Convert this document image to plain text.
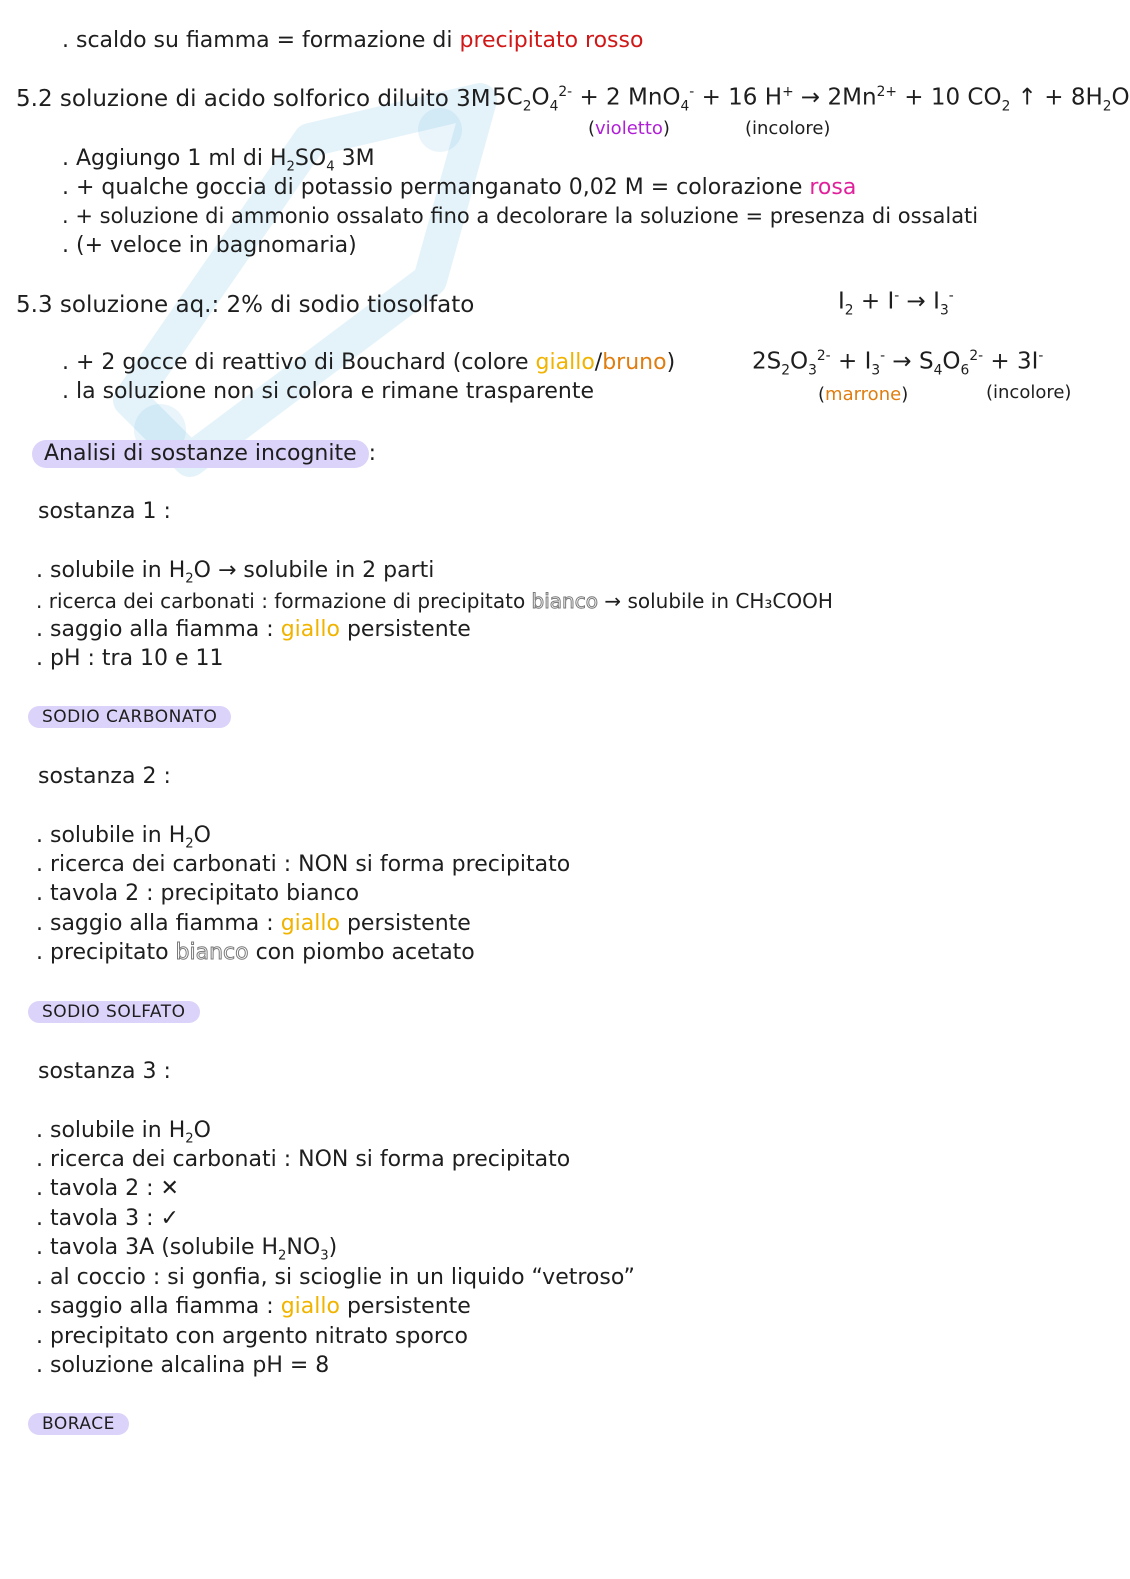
. scaldo su fiamma = formazione di precipitato rosso
5.2 soluzione di acido solforico diluito 3M $5C_2O_4^{2-} + 2$ MnO$_4$- + 16 $H^+ \to 2Mn^{2+} + 10$ $CO_2$ ↑ + $8H_2O$
(violetto)	(incolore)
. Aggiungo 1 ml di $H_2SO_4$ 3M
. + qualche goccia di potassio permanganato 0,02 M = colorazione rosa
. + soluzione di ammonio ossalato fino a decolorare la soluzione = presenza di ossalati
. (+ veloce in bagnomaria)
5.3 soluzione aq.: 2% di sodio tiosolfato	$I_2 + I^- \to I_3^-$
. + 2 gocce di reattivo di Bouchard (colore giallo/bruno)
. la soluzione non si colora e rimane trasparente
$2S_2O_3^{2-} + I_3^- \to S_4O_6^{2-} + 3I^-$
(marrone)	(incolore)
Analisi di sostanze incognite :
sostanza 1 :
. solubile in $H_2O$ → solubile in 2 parti
. ricerca dei carbonati : formazione di precipitato bianco → solubile in CH₃COOH
. saggio alla fiamma : giallo persistente
. pH : tra 10 e 11
SODIO CARBONATO
sostanza 2 :
. solubile in $H_2O$
. ricerca dei carbonati : NON si forma precipitato
. tavola 2 : precipitato bianco
. saggio alla fiamma : giallo persistente
. precipitato bianco con piombo acetato
SODIO SOLFATO
sostanza 3 :
. solubile in $H_2O$
. ricerca dei carbonati : NON si forma precipitato
. tavola 2 : ✕
. tavola 3 : ✓
. tavola 3A (solubile $H_2NO_3$)
. al coccio : si gonfia, si scioglie in un liquido “vetroso”
. saggio alla fiamma : giallo persistente
. precipitato con argento nitrato sporco
. soluzione alcalina pH = 8
BORACE
